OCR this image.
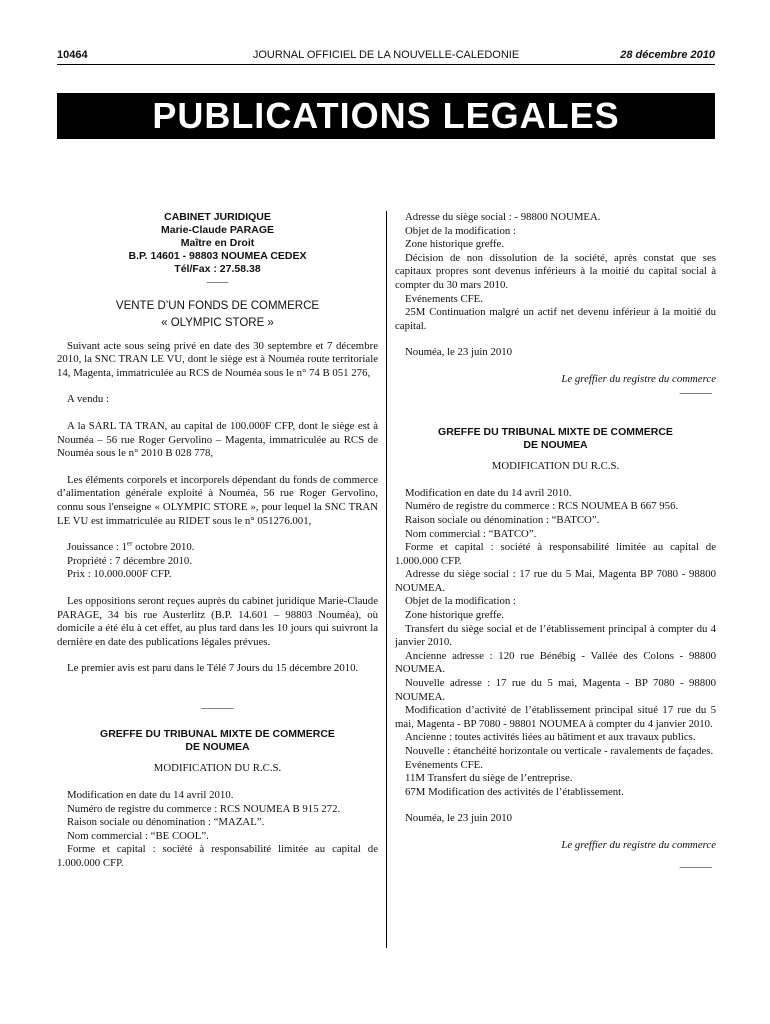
10464	JOURNAL OFFICIEL DE LA NOUVELLE-CALEDONIE	28 décembre 2010
PUBLICATIONS LEGALES

CABINET JURIDIQUE

Marie-Claude PARAGE

Maître en Droit

B.P. 14601 - 98803 NOUMEA CEDEX

Tél/Fax : 27.58.38

——

VENTE D’UN FONDS DE COMMERCE

« OLYMPIC STORE »

Suivant acte sous seing privé en date des 30 septembre et 7 décembre 2010, la SNC TRAN LE VU, dont le siège est à Nouméa route territoriale 14, Magenta, immatriculée au RCS de Nouméa sous le n° 74 B 051 276,

A vendu :

A la SARL TA TRAN, au capital de 100.000F CFP, dont le siège est à Nouméa – 56 rue Roger Gervolino – Magenta, immatriculée au RCS de Nouméa sous le n° 2010 B 028 778,

Les éléments corporels et incorporels dépendant du fonds de commerce d’alimentation générale exploité à Nouméa, 56 rue Roger Gervolino, connu sous l'enseigne « OLYMPIC STORE », pour lequel la SNC TRAN LE VU est immatriculée au RIDET sous le n° 051276.001,

Jouissance : 1er octobre 2010.

Propriété : 7 décembre 2010.

Prix : 10.000.000F CFP.

Les oppositions seront reçues auprès du cabinet juridique Marie-Claude PARAGE, 34 bis rue Austerlitz (B.P. 14.601 – 98803 Nouméa), où domicile a été élu à cet effet, au plus tard dans les 10 jours qui suivront la dernière en date des publications légales prévues.

Le premier avis est paru dans le Télé 7 Jours du 15 décembre 2010.

———

GREFFE DU TRIBUNAL MIXTE DE COMMERCE

DE NOUMEA

MODIFICATION DU R.C.S.

Modification en date du 14 avril 2010.

Numéro de registre du commerce : RCS NOUMEA B 915 272.

Raison sociale ou dénomination : “MAZAL”.

Nom commercial : “BE COOL”.

Forme et capital : société à responsabilité limitée au capital de 1.000.000 CFP.

Adresse du siège social : - 98800 NOUMEA.

Objet de la modification :

Zone historique greffe.

Décision de non dissolution de la société, après constat que ses capitaux propres sont devenus inférieurs à la moitié du capital social à compter du 30 mars 2010.

Evénements CFE.

25M Continuation malgré un actif net devenu inférieur à la moitié du capital.

Nouméa, le 23 juin 2010

Le greffier du registre du commerce

———

GREFFE DU TRIBUNAL MIXTE DE COMMERCE

DE NOUMEA

MODIFICATION DU R.C.S.

Modification en date du 14 avril 2010.

Numéro de registre du commerce : RCS NOUMEA B 667 956.

Raison sociale ou dénomination : “BATCO”.

Nom commercial : “BATCO”.

Forme et capital : société à responsabilité limitée au capital de 1.000.000 CFP.

Adresse du siège social : 17 rue du 5 Mai, Magenta BP 7080 - 98800 NOUMEA.

Objet de la modification :

Zone historique greffe.

Transfert du siège social et de l’établissement principal à compter du 4 janvier 2010.

Ancienne adresse : 120 rue Bénébig - Vallée des Colons - 98800 NOUMEA.

Nouvelle adresse : 17 rue du 5 mai, Magenta - BP 7080 - 98800 NOUMEA.

Modification d’activité de l’établissement principal situé 17 rue du 5 mai, Magenta - BP 7080 - 98801 NOUMEA à compter du 4 janvier 2010.

Ancienne : toutes activités liées au bâtiment et aux travaux publics.

Nouvelle : étanchéité horizontale ou verticale - ravalements de façades.

Evénements CFE.

11M Transfert du siège de l’entreprise.

67M Modification des activités de l’établissement.

Nouméa, le 23 juin 2010

Le greffier du registre du commerce

———
